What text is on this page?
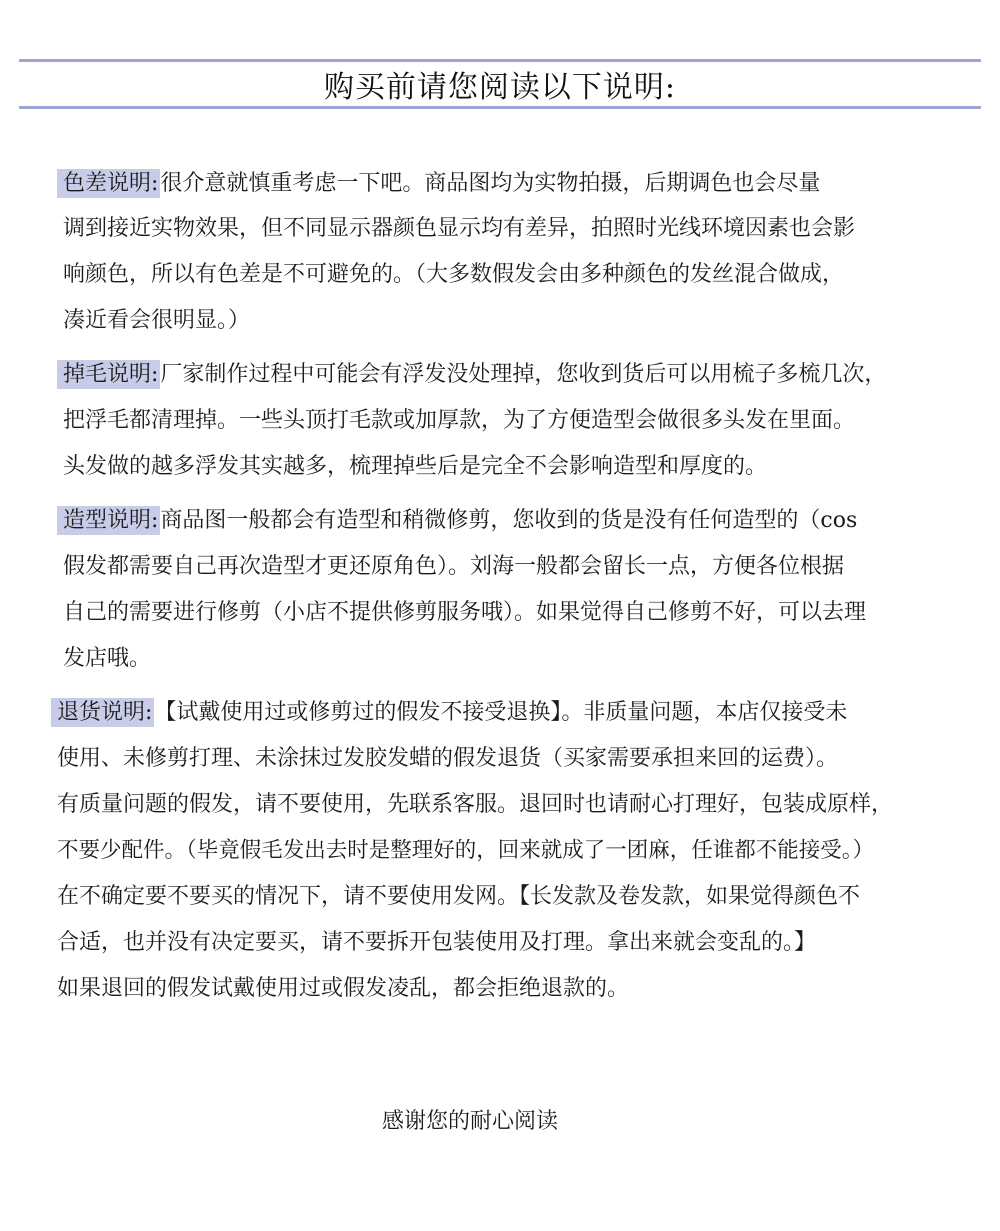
购买前请您阅读以下说明:
色差说明:很介意就慎重考虑一下吧。商品图均为实物拍摄，后期调色也会尽量
调到接近实物效果，但不同显示器颜色显示均有差异，拍照时光线环境因素也会影
响颜色，所以有色差是不可避免的。（大多数假发会由多种颜色的发丝混合做成，
凑近看会很明显。）
掉毛说明:厂家制作过程中可能会有浮发没处理掉，您收到货后可以用梳子多梳几次，
把浮毛都清理掉。一些头顶打毛款或加厚款，为了方便造型会做很多头发在里面。
头发做的越多浮发其实越多，梳理掉些后是完全不会影响造型和厚度的。
造型说明:商品图一般都会有造型和稍微修剪，您收到的货是没有任何造型的（cos
假发都需要自己再次造型才更还原角色）。刘海一般都会留长一点，方便各位根据
自己的需要进行修剪（小店不提供修剪服务哦）。如果觉得自己修剪不好，可以去理
发店哦。
退货说明:【试戴使用过或修剪过的假发不接受退换】。非质量问题，本店仅接受未
使用、未修剪打理、未涂抹过发胶发蜡的假发退货（买家需要承担来回的运费）。
有质量问题的假发，请不要使用，先联系客服。退回时也请耐心打理好，包装成原样，
不要少配件。（毕竟假毛发出去时是整理好的，回来就成了一团麻，任谁都不能接受。）
在不确定要不要买的情况下，请不要使用发网。【长发款及卷发款，如果觉得颜色不
合适，也并没有决定要买，请不要拆开包装使用及打理。拿出来就会变乱的。】
如果退回的假发试戴使用过或假发凌乱，都会拒绝退款的。
感谢您的耐心阅读
